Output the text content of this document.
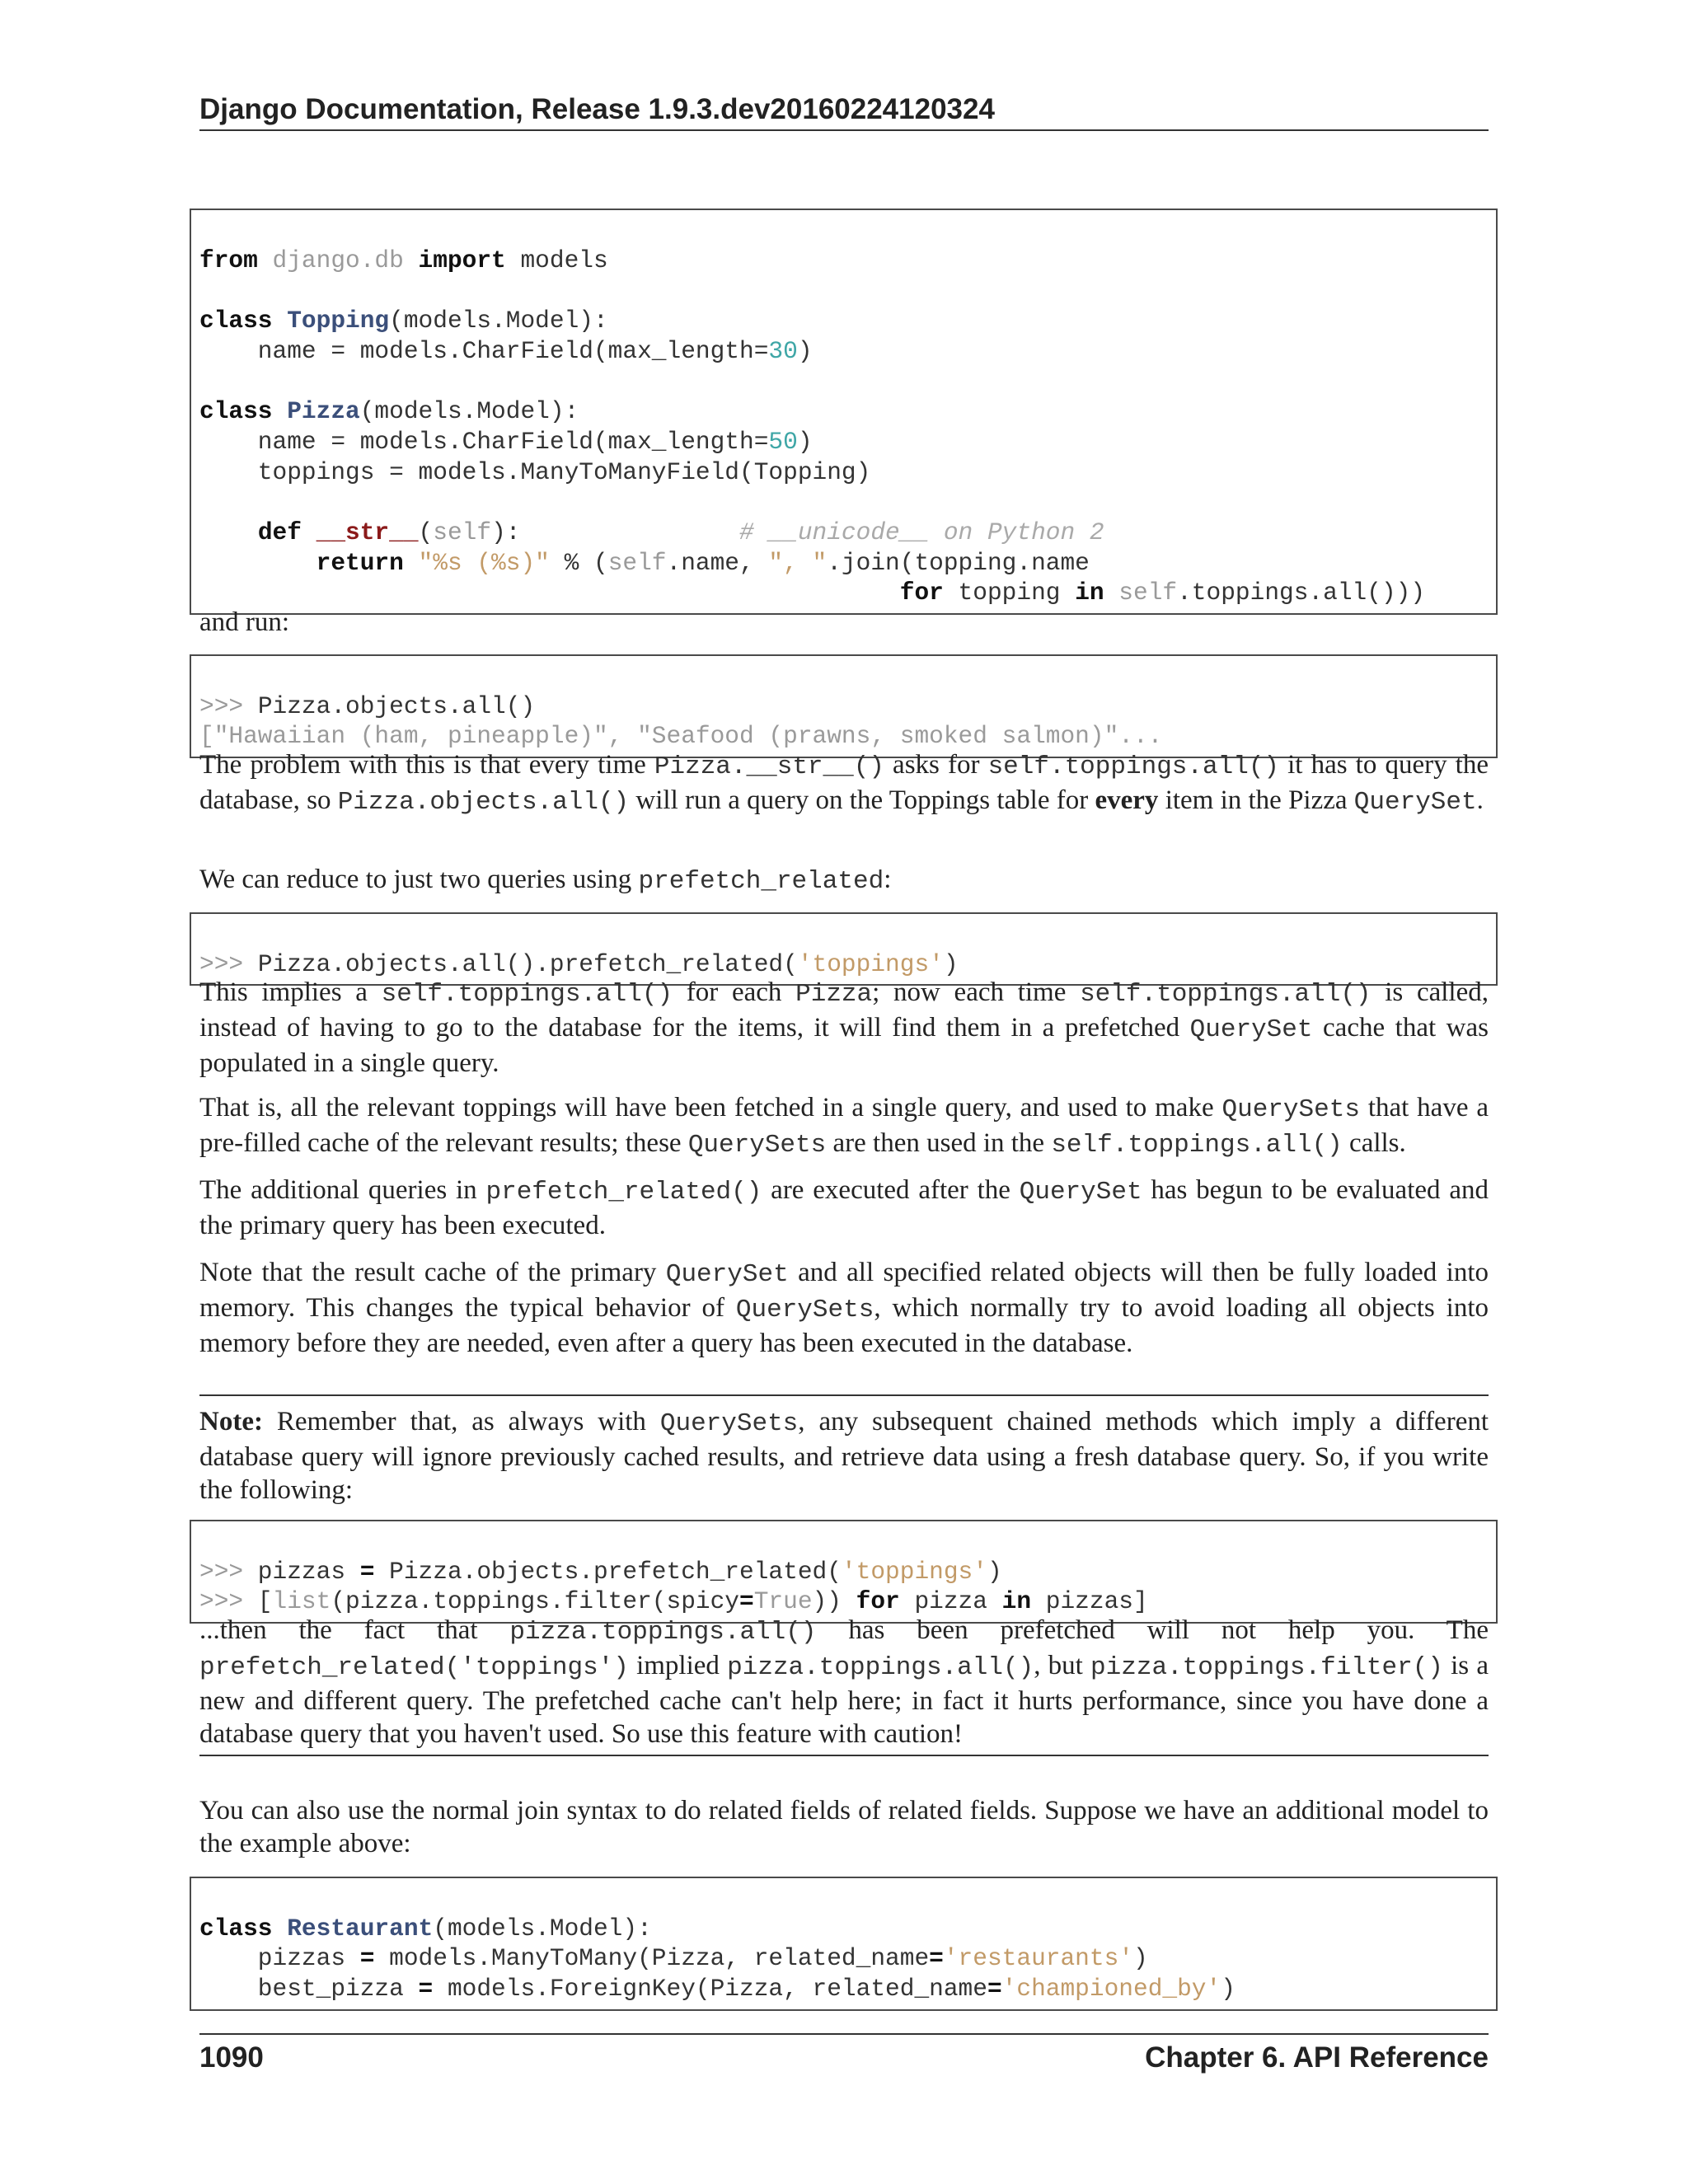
Django Documentation, Release 1.9.3.dev20160224120324

from django.db import models
class Topping(models.Model):
name = models.CharField(max_length=30)
class Pizza(models.Model):
name = models.CharField(max_length=50)
toppings = models.ManyToManyField(Topping)
def __str__(self):	# __unicode__ on Python 2
return "%s (%s)" % (self.name, ", ".join(topping.name
for topping in self.toppings.all()))
and run:

>>> Pizza.objects.all()
["Hawaiian (ham, pineapple)", "Seafood (prawns, smoked salmon)"...
The problem with this is that every time Pizza.__str__() asks for self.toppings.all() it has to query the database, so Pizza.objects.all() will run a query on the Toppings table for every item in the Pizza QuerySet.
We can reduce to just two queries using prefetch_related:

>>> Pizza.objects.all().prefetch_related('toppings')
This implies a self.toppings.all() for each Pizza; now each time self.toppings.all() is called, instead of having to go to the database for the items, it will find them in a prefetched QuerySet cache that was populated in a single query.
That is, all the relevant toppings will have been fetched in a single query, and used to make QuerySets that have a pre-filled cache of the relevant results; these QuerySets are then used in the self.toppings.all() calls.
The additional queries in prefetch_related() are executed after the QuerySet has begun to be evaluated and the primary query has been executed.
Note that the result cache of the primary QuerySet and all specified related objects will then be fully loaded into memory. This changes the typical behavior of QuerySets, which normally try to avoid loading all objects into memory before they are needed, even after a query has been executed in the database.
Note: Remember that, as always with QuerySets, any subsequent chained methods which imply a different database query will ignore previously cached results, and retrieve data using a fresh database query. So, if you write the following:

>>> pizzas = Pizza.objects.prefetch_related('toppings')
>>> [list(pizza.toppings.filter(spicy=True)) for pizza in pizzas]
...then the fact that pizza.toppings.all() has been prefetched will not help you. The prefetch_related('toppings') implied pizza.toppings.all(), but pizza.toppings.filter() is a new and different query. The prefetched cache can't help here; in fact it hurts performance, since you have done a database query that you haven't used. So use this feature with caution!
You can also use the normal join syntax to do related fields of related fields. Suppose we have an additional model to the example above:

class Restaurant(models.Model):
pizzas = models.ManyToMany(Pizza, related_name='restaurants')
best_pizza = models.ForeignKey(Pizza, related_name='championed_by')
1090	Chapter 6. API Reference
